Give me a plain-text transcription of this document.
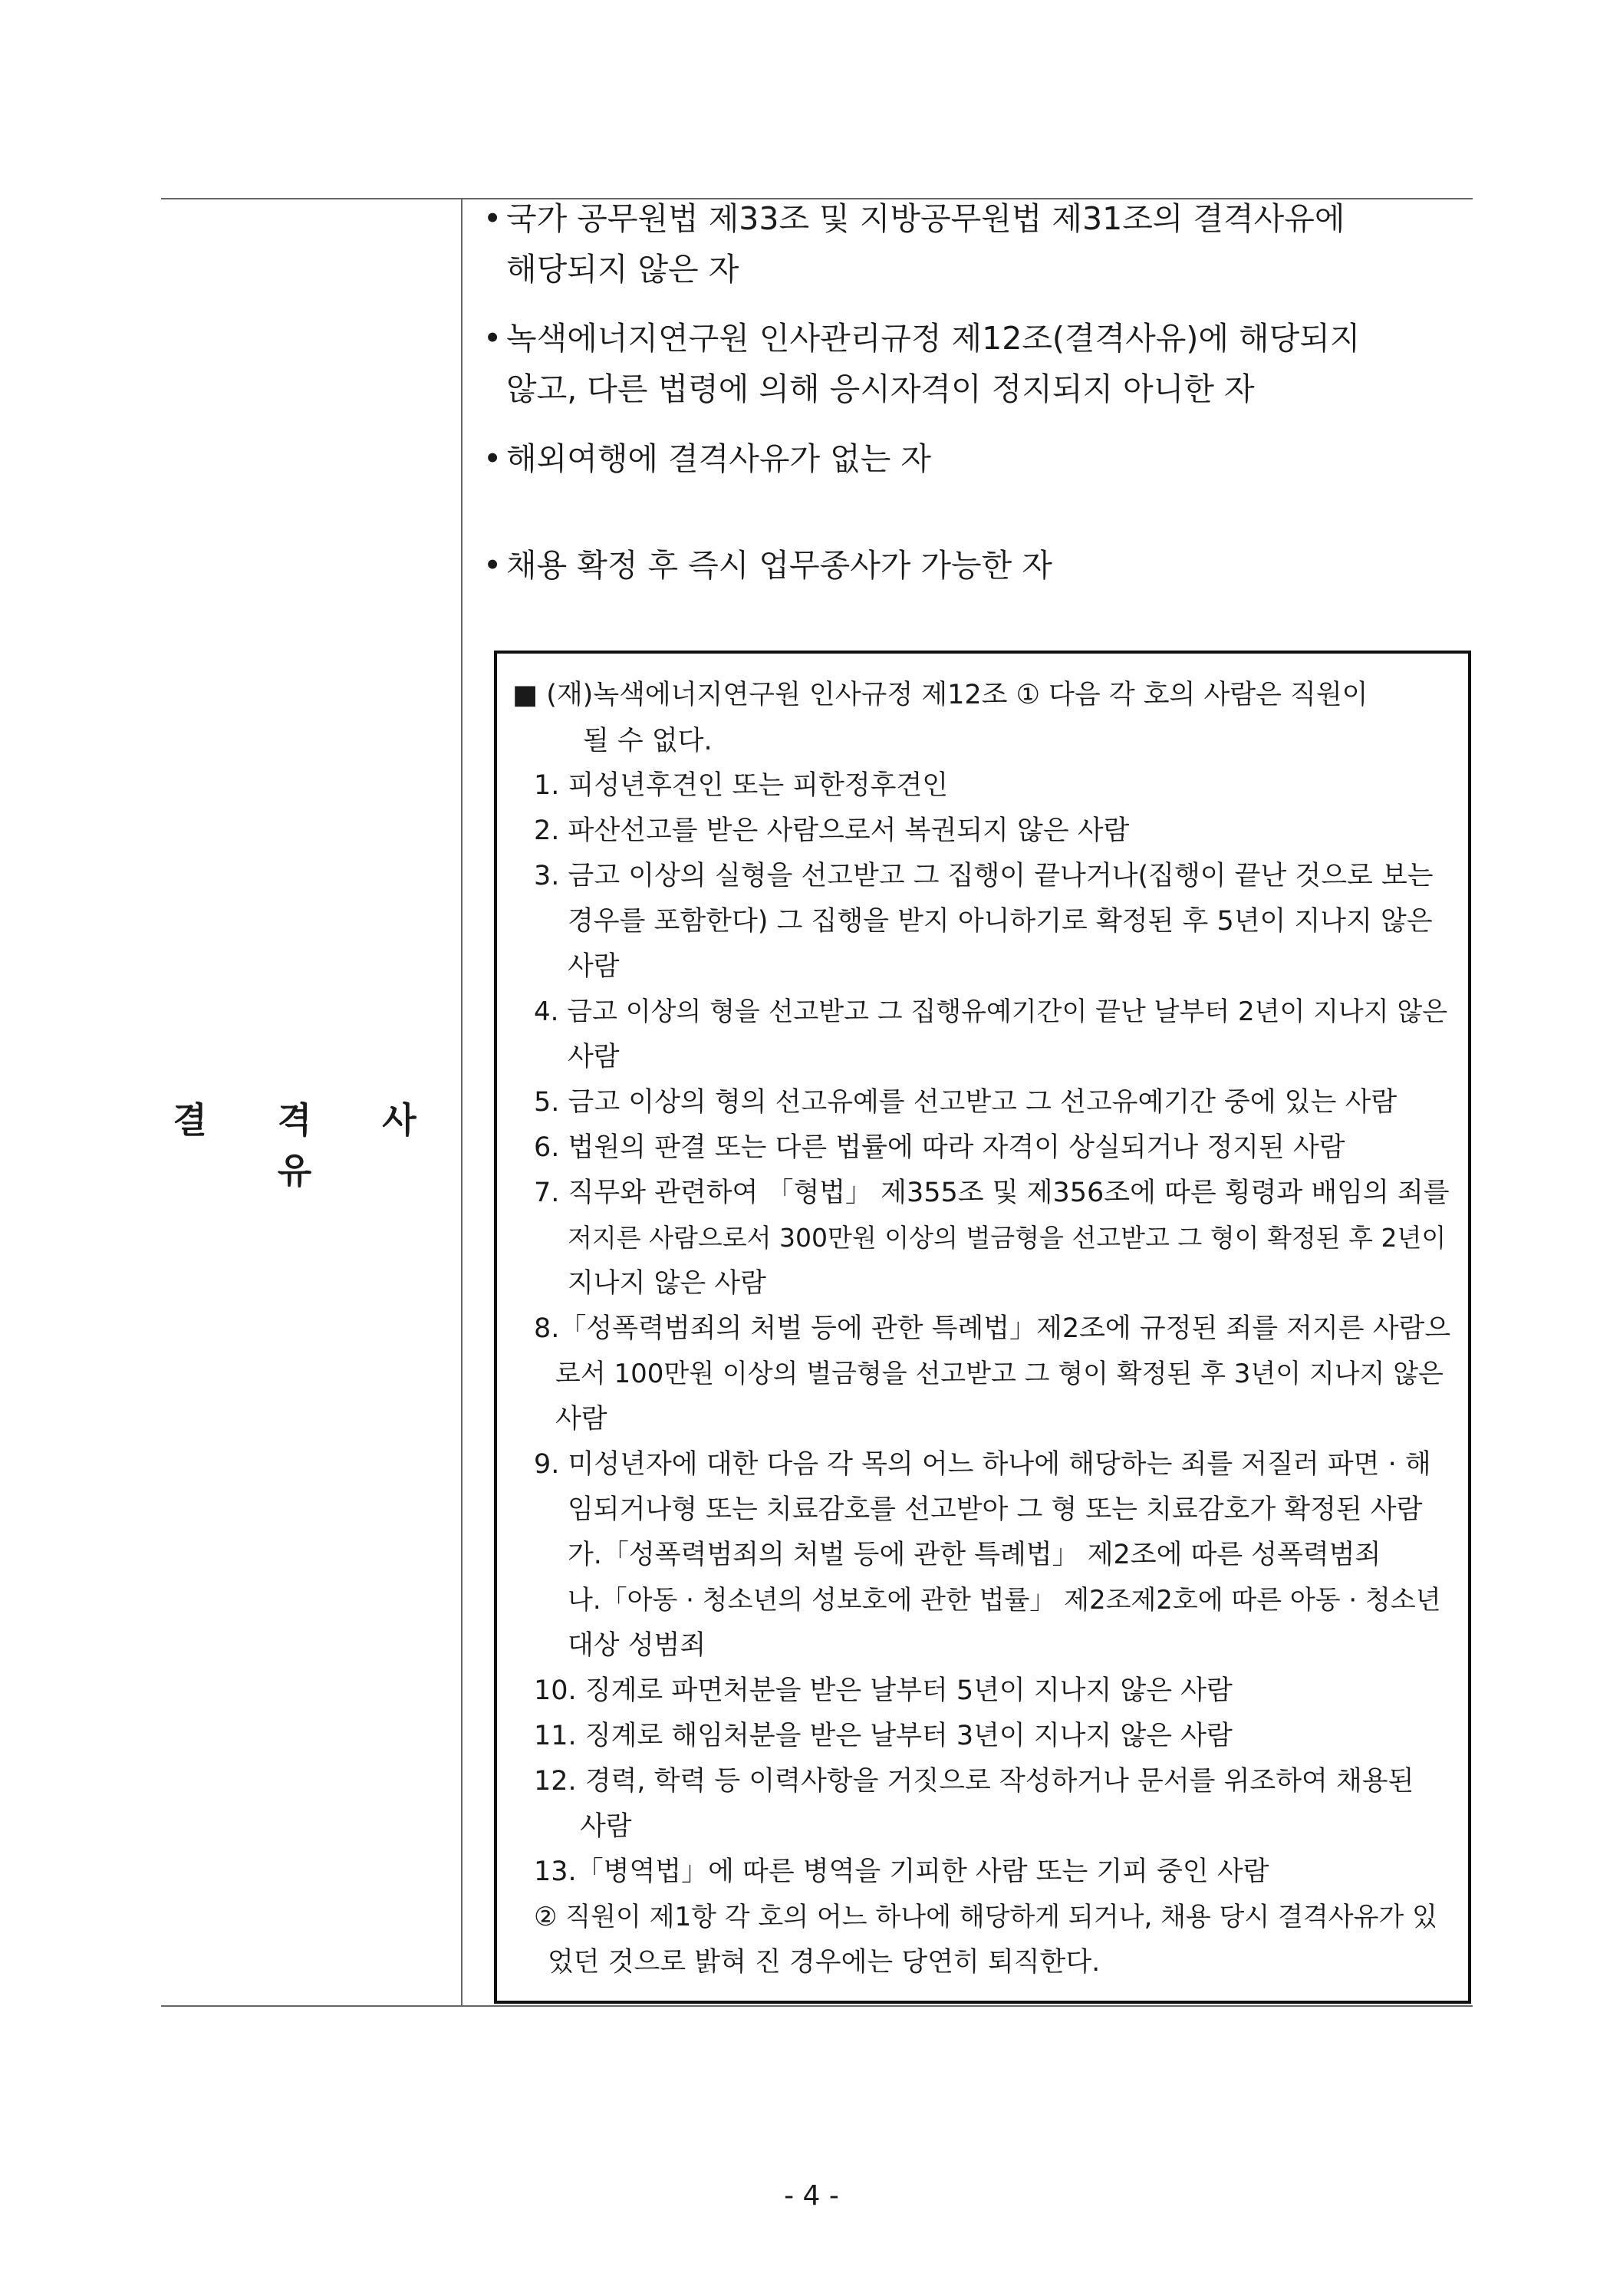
결 격 사 유
• 국가 공무원법 제33조 및 지방공무원법 제31조의 결격사유에
해당되지 않은 자
• 녹색에너지연구원 인사관리규정 제12조(결격사유)에 해당되지
않고, 다른 법령에 의해 응시자격이 정지되지 아니한 자
• 해외여행에 결격사유가 없는 자
• 채용 확정 후 즉시 업무종사가 가능한 자
■ (재)녹색에너지연구원 인사규정 제12조 ① 다음 각 호의 사람은 직원이
될 수 없다.
1. 피성년후견인 또는 피한정후견인
2. 파산선고를 받은 사람으로서 복권되지 않은 사람
3. 금고 이상의 실형을 선고받고 그 집행이 끝나거나(집행이 끝난 것으로 보는
경우를 포함한다) 그 집행을 받지 아니하기로 확정된 후 5년이 지나지 않은
사람
4. 금고 이상의 형을 선고받고 그 집행유예기간이 끝난 날부터 2년이 지나지 않은
사람
5. 금고 이상의 형의 선고유예를 선고받고 그 선고유예기간 중에 있는 사람
6. 법원의 판결 또는 다른 법률에 따라 자격이 상실되거나 정지된 사람
7. 직무와 관련하여 「형법」 제355조 및 제356조에 따른 횡령과 배임의 죄를
저지른 사람으로서 300만원 이상의 벌금형을 선고받고 그 형이 확정된 후 2년이
지나지 않은 사람
8.「성폭력범죄의 처벌 등에 관한 특례법」제2조에 규정된 죄를 저지른 사람으
로서 100만원 이상의 벌금형을 선고받고 그 형이 확정된 후 3년이 지나지 않은
사람
9. 미성년자에 대한 다음 각 목의 어느 하나에 해당하는 죄를 저질러 파면 · 해
임되거나형 또는 치료감호를 선고받아 그 형 또는 치료감호가 확정된 사람
가.「성폭력범죄의 처벌 등에 관한 특례법」 제2조에 따른 성폭력범죄
나.「아동 · 청소년의 성보호에 관한 법률」 제2조제2호에 따른 아동 · 청소년
대상 성범죄
10. 징계로 파면처분을 받은 날부터 5년이 지나지 않은 사람
11. 징계로 해임처분을 받은 날부터 3년이 지나지 않은 사람
12. 경력, 학력 등 이력사항을 거짓으로 작성하거나 문서를 위조하여 채용된
사람
13.「병역법」에 따른 병역을 기피한 사람 또는 기피 중인 사람
② 직원이 제1항 각 호의 어느 하나에 해당하게 되거나, 채용 당시 결격사유가 있
었던 것으로 밝혀 진 경우에는 당연히 퇴직한다.
- 4 -
